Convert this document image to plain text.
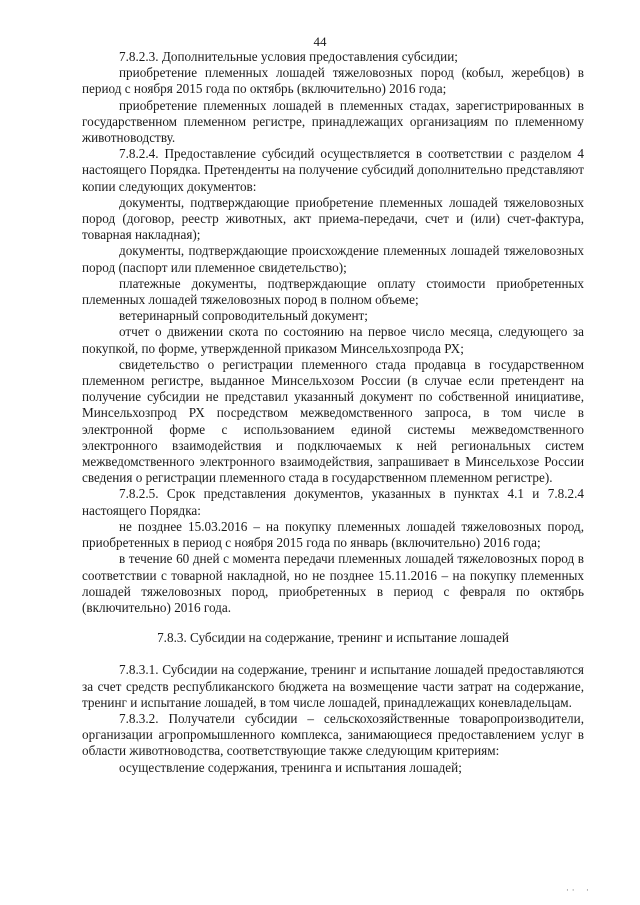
44

7.8.2.3. Дополнительные условия предоставления субсидии;

приобретение племенных лошадей тяжеловозных пород (кобыл, жеребцов) в период с ноября 2015 года по октябрь (включительно) 2016 года;

приобретение племенных лошадей в племенных стадах, зарегистрированных в государственном племенном регистре, принадлежащих организациям по племенному животноводству.

7.8.2.4. Предоставление субсидий осуществляется в соответствии с разделом 4 настоящего Порядка. Претенденты на получение субсидий дополнительно представляют копии следующих документов:

документы, подтверждающие приобретение племенных лошадей тяжеловозных пород (договор, реестр животных, акт приема-передачи, счет и (или) счет-фактура, товарная накладная);

документы, подтверждающие происхождение племенных лошадей тяжеловозных пород (паспорт или племенное свидетельство);

платежные документы, подтверждающие оплату стоимости приобретенных племенных лошадей тяжеловозных пород в полном объеме;

ветеринарный сопроводительный документ;

отчет о движении скота по состоянию на первое число месяца, следующего за покупкой, по форме, утвержденной приказом Минсельхозпрода РХ;

свидетельство о регистрации племенного стада продавца в государственном племенном регистре, выданное Минсельхозом России (в случае если претендент на получение субсидии не представил указанный документ по собственной инициативе, Минсельхозпрод РХ посредством межведомственного запроса, в том числе в электронной форме с использованием единой системы межведомственного электронного взаимодействия и подключаемых к ней региональных систем межведомственного электронного взаимодействия, запрашивает в Минсельхозе России сведения о регистрации племенного стада в государственном племенном регистре).

7.8.2.5. Срок представления документов, указанных в пунктах 4.1 и 7.8.2.4 настоящего Порядка:

не позднее 15.03.2016 – на покупку племенных лошадей тяжеловозных пород, приобретенных в период с ноября 2015 года по январь (включительно) 2016 года;

в течение 60 дней с момента передачи племенных лошадей тяжеловозных пород в соответствии с товарной накладной, но не позднее 15.11.2016 – на покупку племенных лошадей тяжеловозных пород, приобретенных в период с февраля по октябрь (включительно) 2016 года.

7.8.3. Субсидии на содержание, тренинг и испытание лошадей

7.8.3.1. Субсидии на содержание, тренинг и испытание лошадей предоставляются за счет средств республиканского бюджета на возмещение части затрат на содержание, тренинг и испытание лошадей, в том числе лошадей, принадлежащих коневладельцам.

7.8.3.2. Получатели субсидии – сельскохозяйственные товаропроизводители, организации агропромышленного комплекса, занимающиеся предоставлением услуг в области животноводства, соответствующие также следующим критериям:

осуществление содержания, тренинга и испытания лошадей;

· · ·
